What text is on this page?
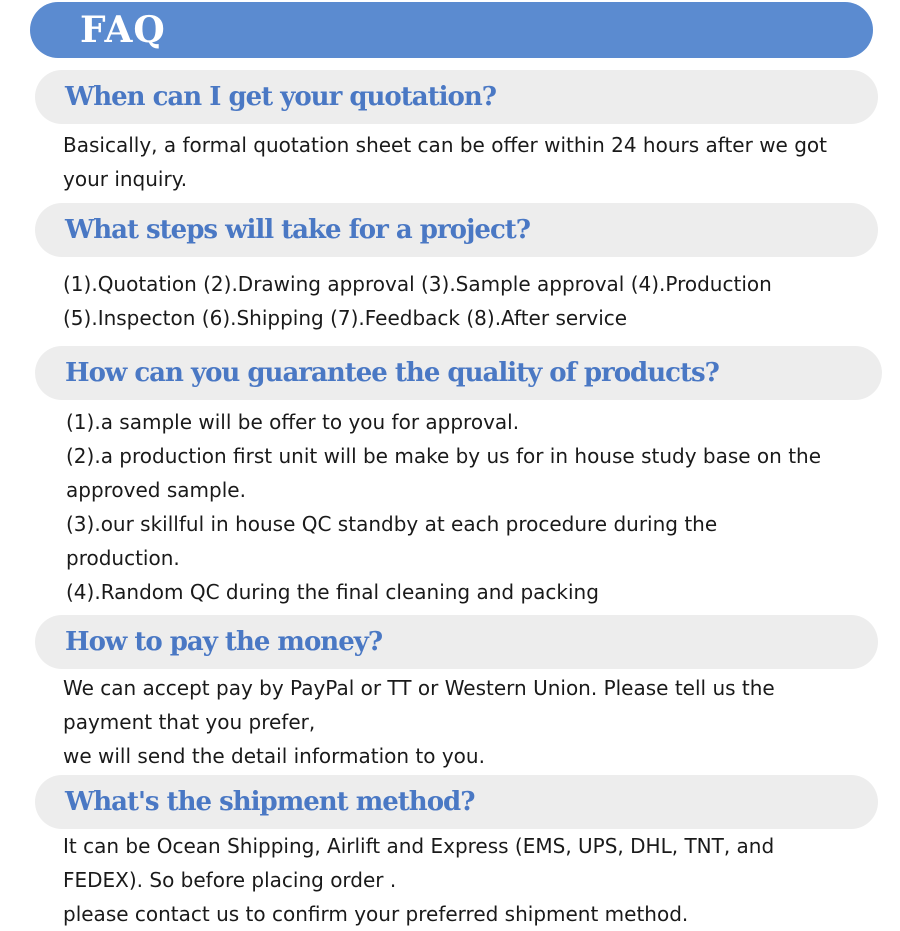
FAQ
When can I get your quotation?
Basically, a formal quotation sheet can be offer within 24 hours after we got
your inquiry.
What steps will take for a project?
(1).Quotation (2).Drawing approval (3).Sample approval (4).Production
(5).Inspecton (6).Shipping (7).Feedback (8).After service
How can you guarantee the quality of products?
(1).a sample will be offer to you for approval.
(2).a production first unit will be make by us for in house study base on the
approved sample.
(3).our skillful in house QC standby at each procedure during the
production.
(4).Random QC during the final cleaning and packing
How to pay the money?
We can accept pay by PayPal or TT or Western Union. Please tell us the
payment that you prefer,
we will send the detail information to you.
What's the shipment method?
It can be Ocean Shipping, Airlift and Express (EMS, UPS, DHL, TNT, and
FEDEX). So before placing order .
please contact us to confirm your preferred shipment method.
